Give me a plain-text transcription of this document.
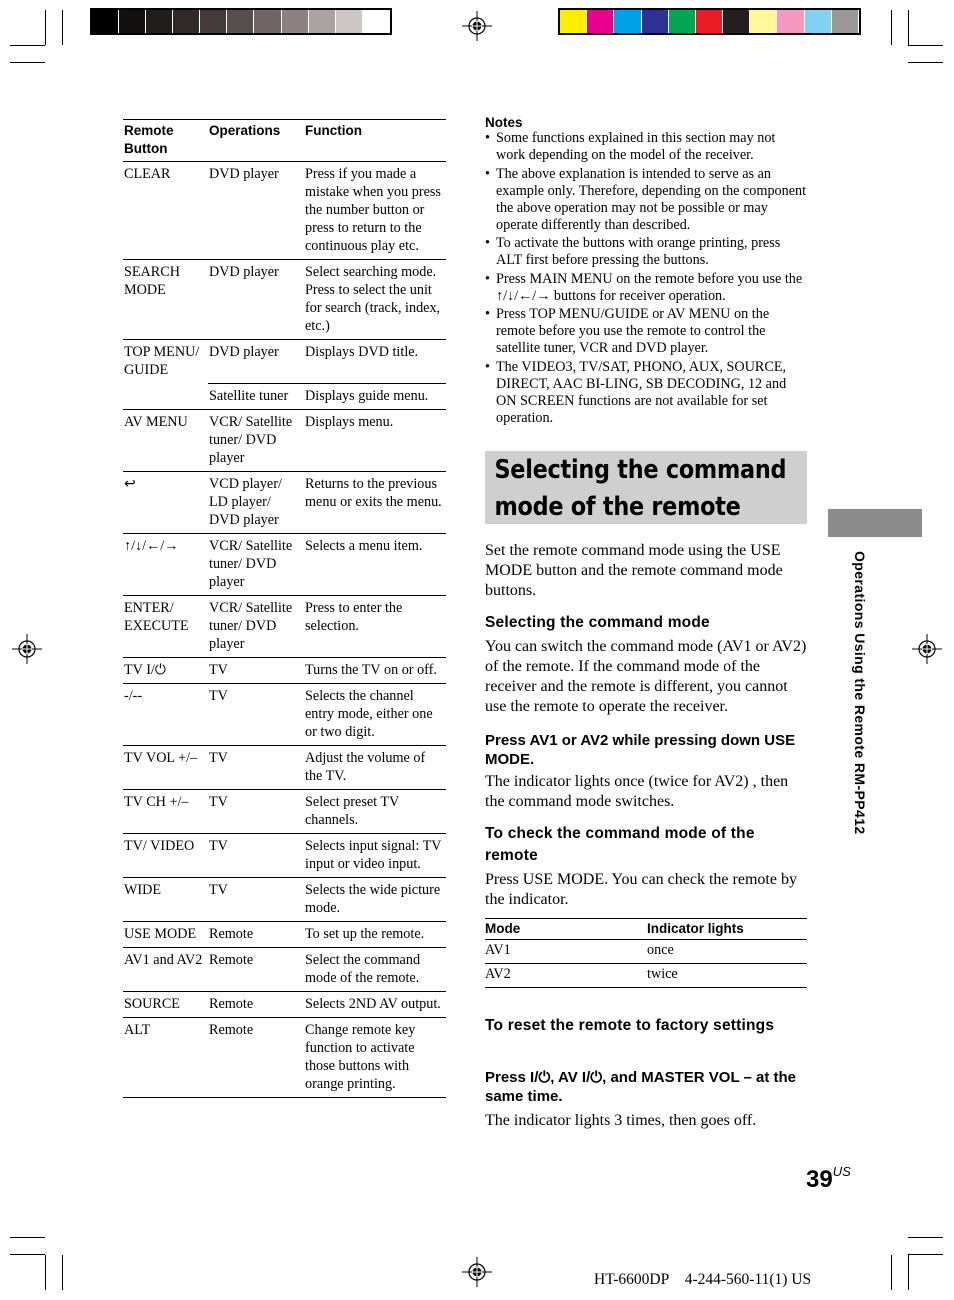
Remote
Button	Operations	Function
CLEAR	DVD player	Press if you made a mistake when you press the number button or press to return to the continuous play etc.
SEARCH MODE	DVD player	Select searching mode. Press to select the unit for search (track, index, etc.)
TOP MENU/ GUIDE	DVD player	Displays DVD title.
	Satellite tuner	Displays guide menu.
AV MENU	VCR/ Satellite tuner/ DVD player	Displays menu.
↩	VCD player/ LD player/ DVD player	Returns to the previous menu or exits the menu.
↑/↓/←/→	VCR/ Satellite tuner/ DVD player	Selects a menu item.
ENTER/ EXECUTE	VCR/ Satellite tuner/ DVD player	Press to enter the selection.
TV I/⏻	TV	Turns the TV on or off.
-/--	TV	Selects the channel entry mode, either one or two digit.
TV VOL +/–	TV	Adjust the volume of the TV.
TV CH +/–	TV	Select preset TV channels.
TV/ VIDEO	TV	Selects input signal: TV input or video input.
WIDE	TV	Selects the wide picture mode.
USE MODE	Remote	To set up the remote.
AV1 and AV2	Remote	Select the command mode of the remote.
SOURCE	Remote	Selects 2ND AV output.
ALT	Remote	Change remote key function to activate those buttons with orange printing.
Notes
• Some functions explained in this section may not work depending on the model of the receiver.
• The above explanation is intended to serve as an example only. Therefore, depending on the component the above operation may not be possible or may operate differently than described.
• To activate the buttons with orange printing, press ALT first before pressing the buttons.
• Press MAIN MENU on the remote before you use the ↑/↓/←/→ buttons for receiver operation.
• Press TOP MENU/GUIDE or AV MENU on the remote before you use the remote to control the satellite tuner, VCR and DVD player.
• The VIDEO3, TV/SAT, PHONO, AUX, SOURCE, DIRECT, AAC BI-LING, SB DECODING, 12 and ON SCREEN functions are not available for set operation.
Selecting the command
mode of the remote
Set the remote command mode using the USE MODE button and the remote command mode buttons.
Selecting the command mode
You can switch the command mode (AV1 or AV2) of the remote. If the command mode of the receiver and the remote is different, you cannot use the remote to operate the receiver.
Press AV1 or AV2 while pressing down USE MODE.
The indicator lights once (twice for AV2) , then the command mode switches.
To check the command mode of the remote
Press USE MODE. You can check the remote by the indicator.
Mode	Indicator lights
AV1	once
AV2	twice
To reset the remote to factory settings
Press I/⏻, AV I/⏻, and MASTER VOL – at the same time.
The indicator lights 3 times, then goes off.
Operations Using the Remote RM-PP412
$39^{US}$
HT-6600DP 4-244-560-11(1) US
